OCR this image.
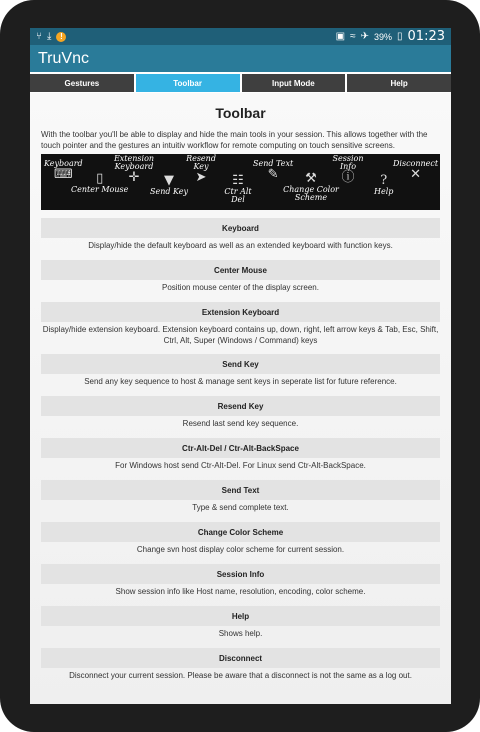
⑂ ⤓	!	▣ ≈ ✈ 39% ▯ 01:23
TruVnc
Gestures	Toolbar	Input Mode	Help
Toolbar
With the toolbar you'll be able to display and hide the main tools in your session. This allows together with the touch pointer and the gestures an intuitiv workflow for remote computing on touch sensitive screens.
Keyboard
⌨ ▯
Center Mouse
Extension Keyboard
✛ ▼
Send Key
Resend Key
➤ ☷
Ctr Alt Del
Send Text
✎ ⚒
Change Color Scheme
Session Info
ⓘ ?
Help
Disconnect
✕
Keyboard
Display/hide the default keyboard as well as an extended keyboard with function keys.
Center Mouse
Position mouse center of the display screen.
Extension Keyboard
Display/hide extension keyboard. Extension keyboard contains up, down, right, left arrow keys & Tab, Esc, Shift, Ctrl, Alt, Super (Windows / Command) keys
Send Key
Send any key sequence to host & manage sent keys in seperate list for future reference.
Resend Key
Resend last send key sequence.
Ctr-Alt-Del / Ctr-Alt-BackSpace
For Windows host send Ctr-Alt-Del. For Linux send Ctr-Alt-BackSpace.
Send Text
Type & send complete text.
Change Color Scheme
Change svn host display color scheme for current session.
Session Info
Show session info like Host name, resolution, encoding, color scheme.
Help
Shows help.
Disconnect
Disconnect your current session. Please be aware that a disconnect is not the same as a log out.
